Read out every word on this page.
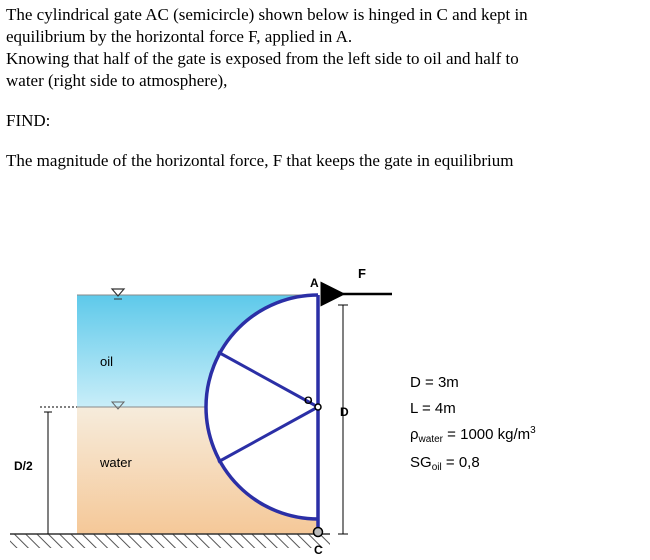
The cylindrical gate AC (semicircle) shown below is hinged in C and kept in

equilibrium by the horizontal force F, applied in A.

Knowing that half of the gate is exposed from the left side to oil and half to

water (right side to atmosphere),

FIND:

The magnitude of the horizontal force, F that keeps the gate in equilibrium

F
A
O
C
D
D/2
oil
water
D = 3m
L = 4m
$\rho_{water} = 1000$ $kg/m^3$
$SG_{oil} = 0,8$
